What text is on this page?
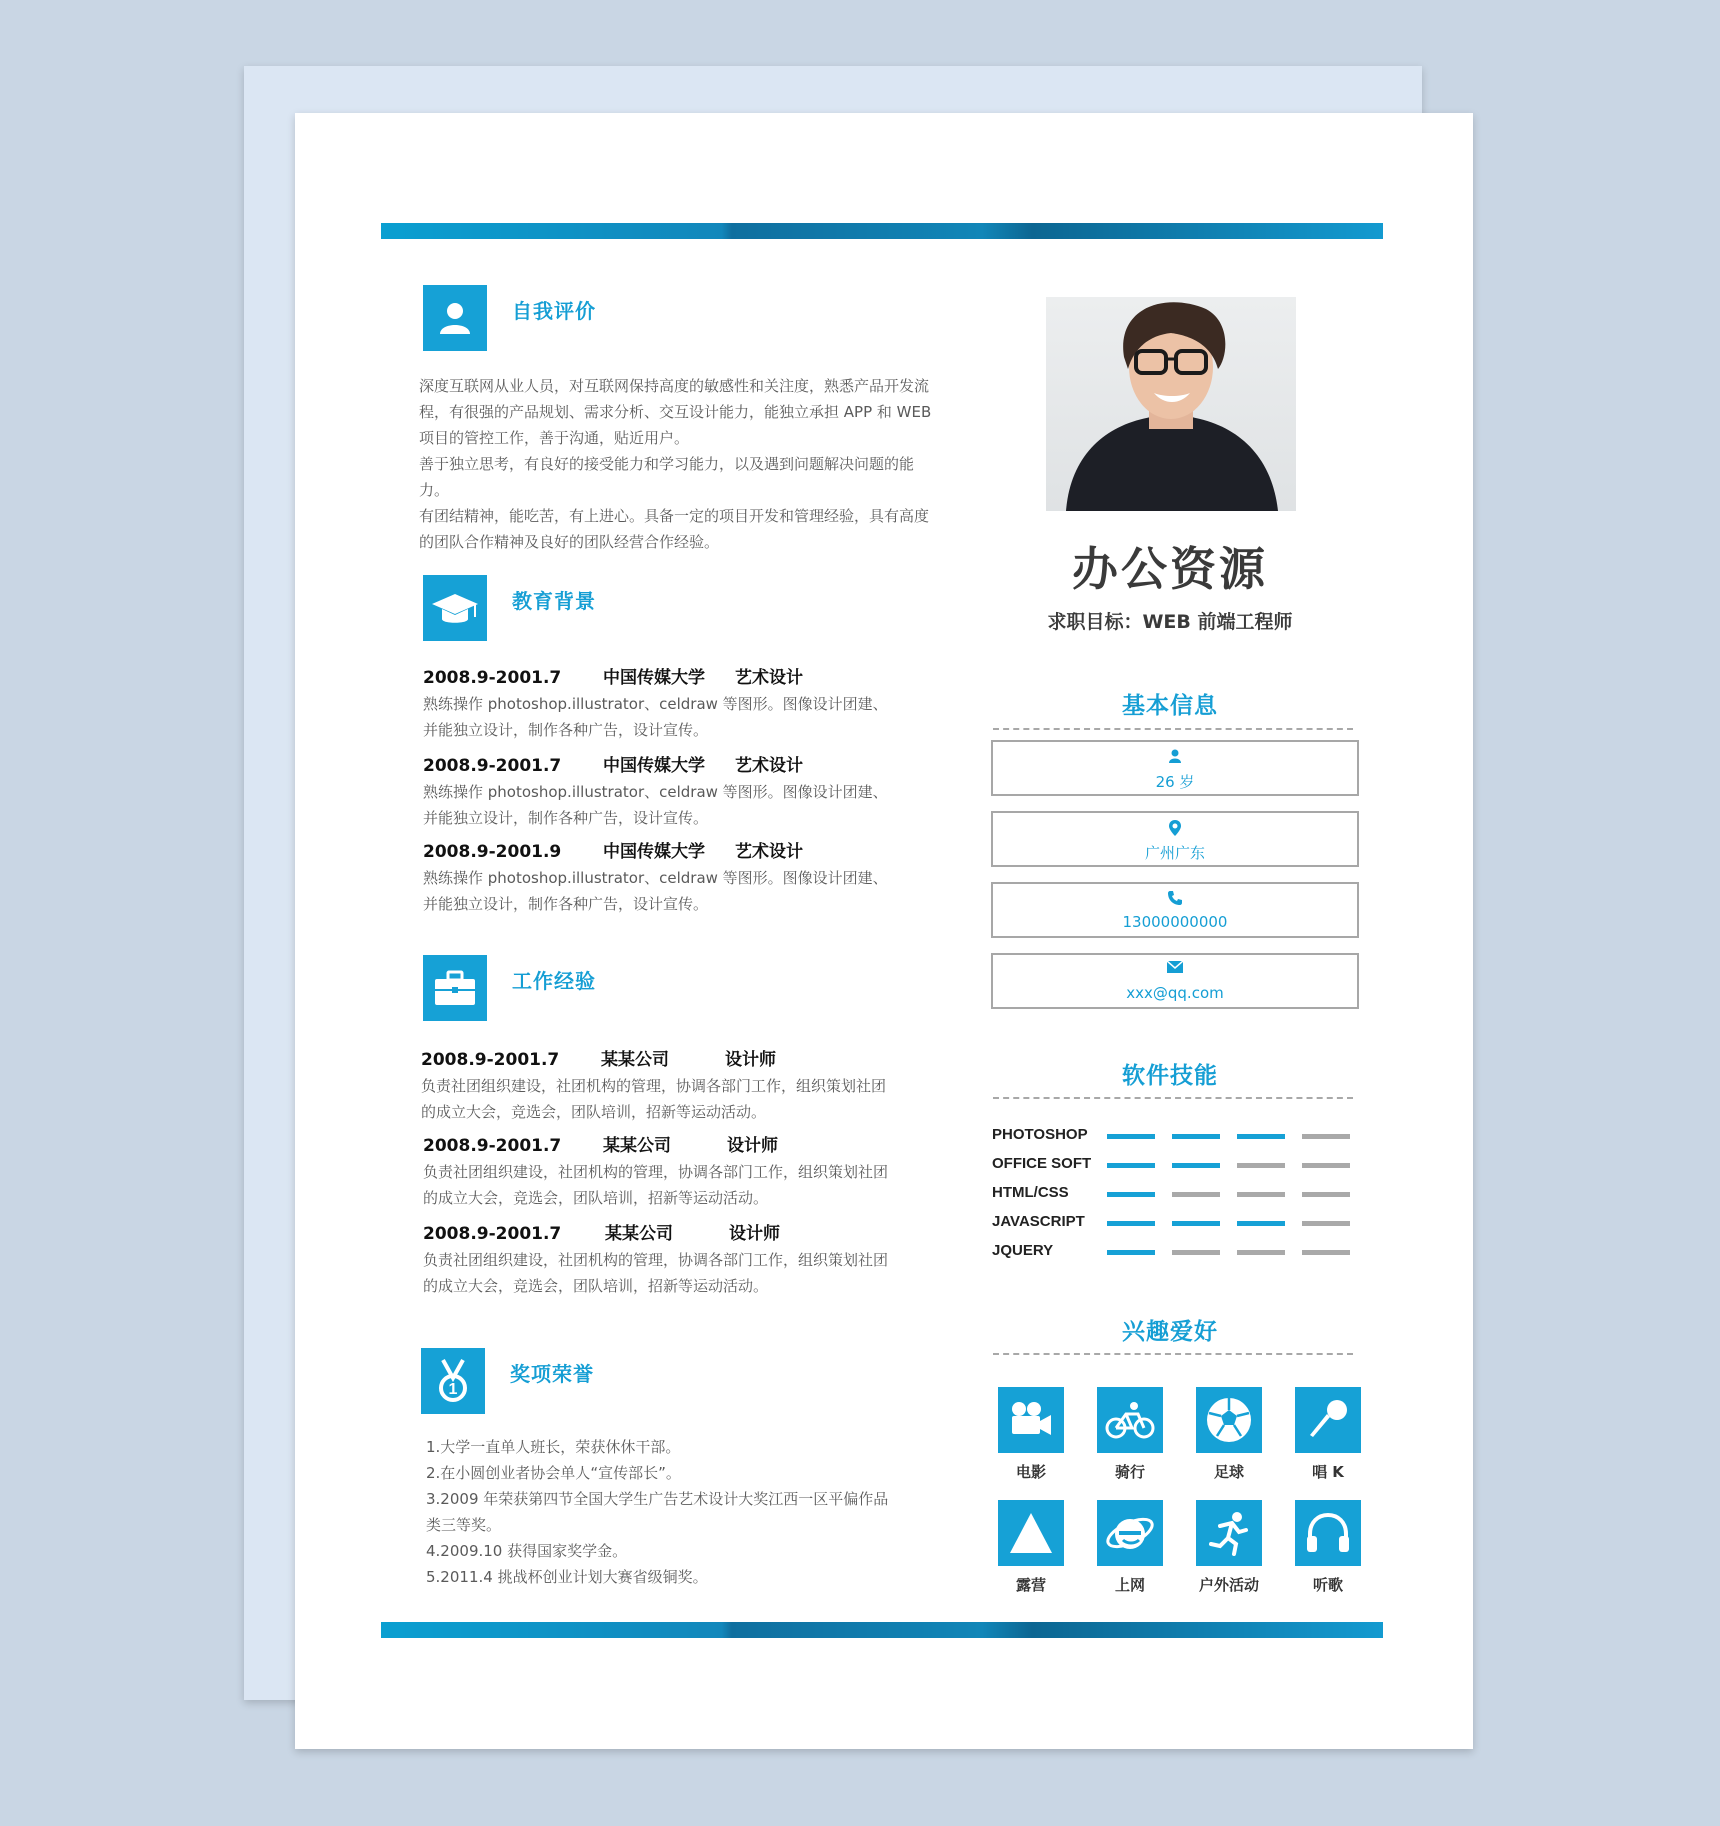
自我评价
深度互联网从业人员，对互联网保持高度的敏感性和关注度，熟悉产品开发流
程，有很强的产品规划、需求分析、交互设计能力，能独立承担 APP 和 WEB
项目的管控工作，善于沟通，贴近用户。
善于独立思考，有良好的接受能力和学习能力，以及遇到问题解决问题的能力。
有团结精神，能吃苦，有上进心。具备一定的项目开发和管理经验，具有高度
的团队合作精神及良好的团队经营合作经验。
教育背景
2008.9-2001.7	中国传媒大学	艺术设计
熟练操作 photoshop.illustrator、celdraw 等图形。图像设计团建、
并能独立设计，制作各种广告，设计宣传。
2008.9-2001.7	中国传媒大学	艺术设计
熟练操作 photoshop.illustrator、celdraw 等图形。图像设计团建、
并能独立设计，制作各种广告，设计宣传。
2008.9-2001.9	中国传媒大学	艺术设计
熟练操作 photoshop.illustrator、celdraw 等图形。图像设计团建、
并能独立设计，制作各种广告，设计宣传。
工作经验
2008.9-2001.7	某某公司	设计师
负责社团组织建设，社团机构的管理，协调各部门工作，组织策划社团
的成立大会，竞选会，团队培训，招新等运动活动。
2008.9-2001.7	某某公司	设计师
负责社团组织建设，社团机构的管理，协调各部门工作，组织策划社团
的成立大会，竞选会，团队培训，招新等运动活动。
2008.9-2001.7	某某公司	设计师
负责社团组织建设，社团机构的管理，协调各部门工作，组织策划社团
的成立大会，竞选会，团队培训，招新等运动活动。
1
奖项荣誉
1.大学一直单人班长，荣获休休干部。
2.在小圆创业者协会单人“宣传部长”。
3.2009 年荣获第四节全国大学生广告艺术设计大奖江西一区平偏作品
类三等奖。
4.2009.10 获得国家奖学金。
5.2011.4 挑战杯创业计划大赛省级铜奖。
办公资源
求职目标：WEB 前端工程师
基本信息
26 岁
广州广东
13000000000
xxx@qq.com
软件技能
PHOTOSHOP
OFFICE SOFT
HTML/CSS
JAVASCRIPT
JQUERY
兴趣爱好
电影	骑行	足球	唱 K
露营	上网	户外活动	听歌
